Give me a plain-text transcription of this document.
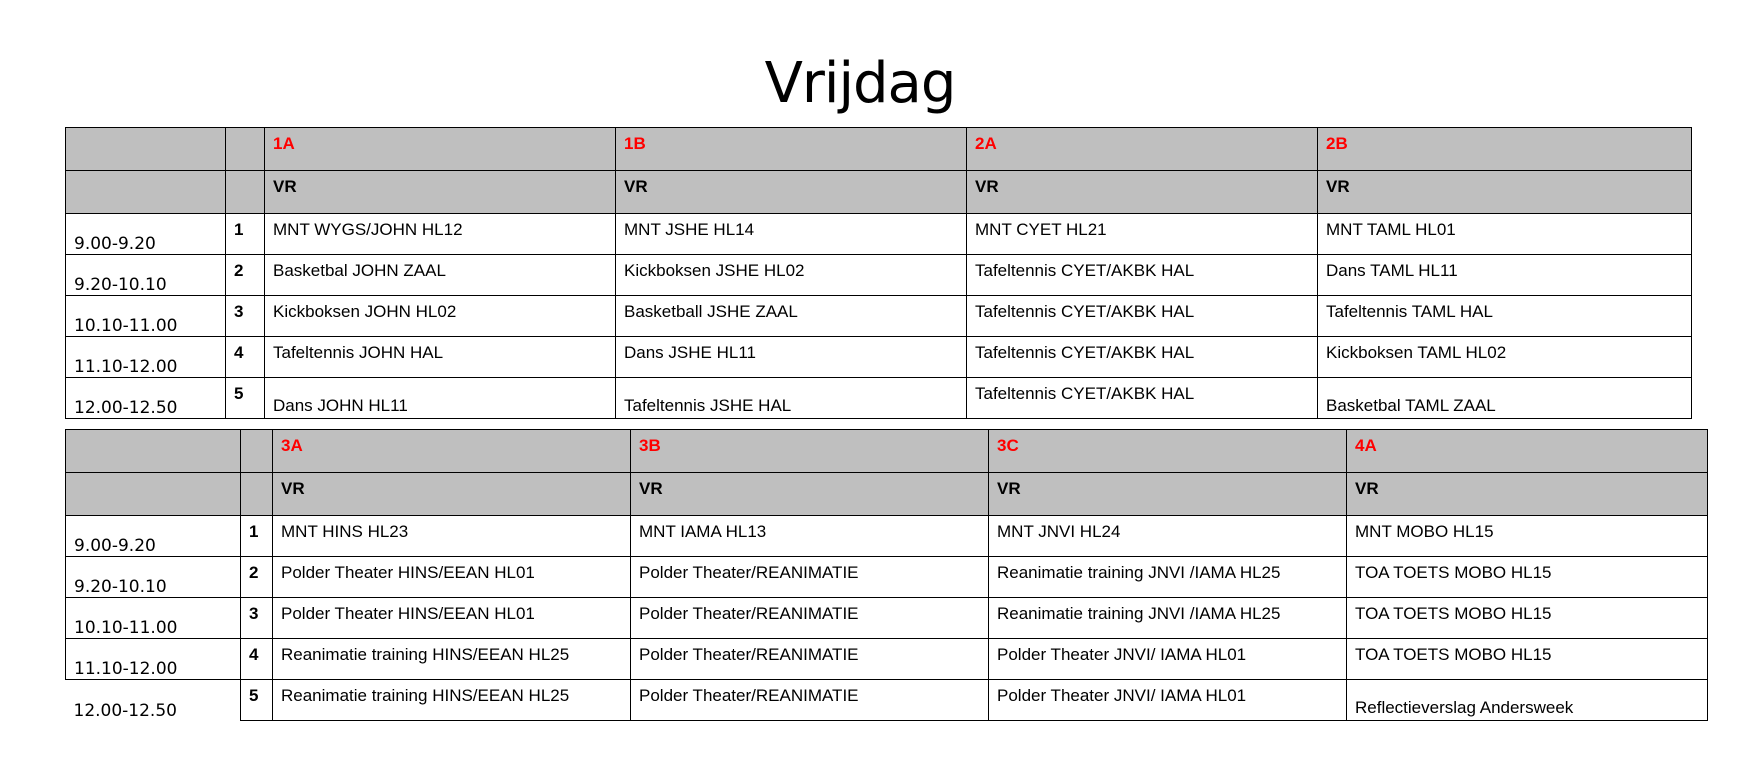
Vrijdag
		1A	1B	2A	2B
		VR	VR	VR	VR
9.00-9.20	1	MNT WYGS/JOHN HL12	MNT JSHE HL14	MNT CYET HL21	MNT TAML HL01
9.20-10.10	2	Basketbal JOHN ZAAL	Kickboksen JSHE HL02	Tafeltennis CYET/AKBK HAL	Dans TAML HL11
10.10-11.00	3	Kickboksen JOHN HL02	Basketball JSHE ZAAL	Tafeltennis CYET/AKBK HAL	Tafeltennis TAML HAL
11.10-12.00	4	Tafeltennis JOHN HAL	Dans JSHE HL11	Tafeltennis CYET/AKBK HAL	Kickboksen TAML HL02
12.00-12.50	5	Dans JOHN HL11	Tafeltennis JSHE HAL	Tafeltennis CYET/AKBK HAL	Basketbal TAML ZAAL
		3A	3B	3C	4A
		VR	VR	VR	VR
9.00-9.20	1	MNT HINS HL23	MNT IAMA HL13	MNT JNVI HL24	MNT MOBO HL15
9.20-10.10	2	Polder Theater HINS/EEAN HL01	Polder Theater/REANIMATIE	Reanimatie training JNVI /IAMA HL25	TOA TOETS MOBO HL15
10.10-11.00	3	Polder Theater HINS/EEAN HL01	Polder Theater/REANIMATIE	Reanimatie training JNVI /IAMA HL25	TOA TOETS MOBO HL15
11.10-12.00	4	Reanimatie training HINS/EEAN HL25	Polder Theater/REANIMATIE	Polder Theater JNVI/ IAMA HL01	TOA TOETS MOBO HL15
12.00-12.50	5	Reanimatie training HINS/EEAN HL25	Polder Theater/REANIMATIE	Polder Theater JNVI/ IAMA HL01	Reflectieverslag Andersweek
